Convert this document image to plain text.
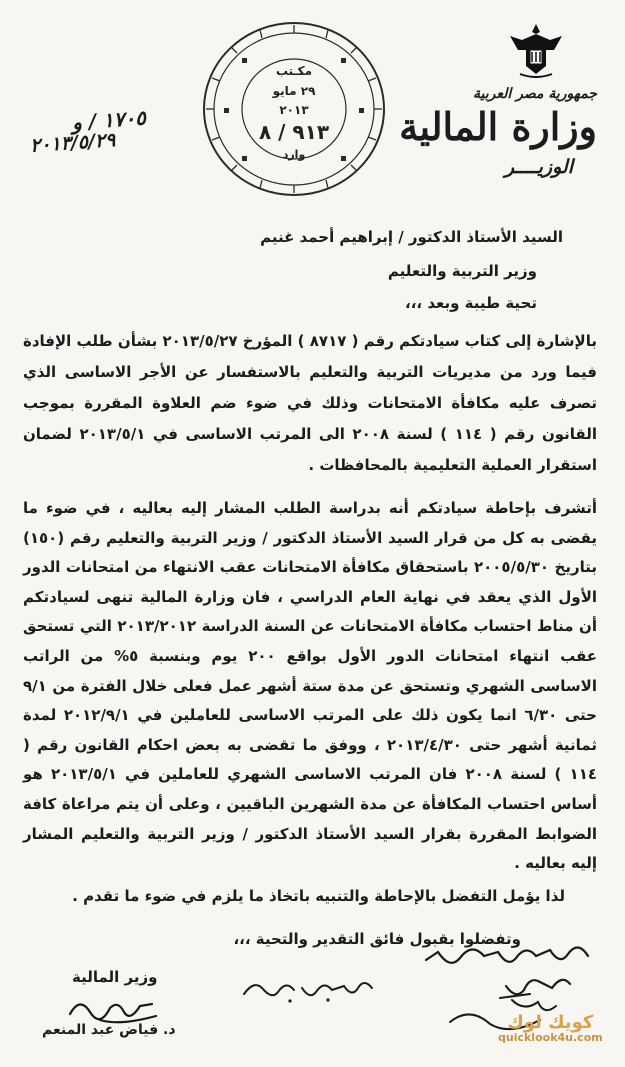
مكـتب
٢٩ مايو
٢٠١٣
٩١٣ / ٨
وارد
جمهورية مصر العربية
وزارة المالية
الوزيــــر
١٧٠٥ / و
٢٠١٣/٥/٢٩
السيد الأستاذ الدكتور / إبراهيم أحمد غنيم
وزير التربية والتعليم
تحية طيبة وبعد ،،،
بالإشارة إلى كتاب سيادتكم رقم ( ٨٧١٧ ) المؤرخ ٢٠١٣/٥/٢٧ بشأن طلب الإفادة فيما ورد من مديريات التربية والتعليم بالاستفسار عن الأجر الاساسى الذي تصرف عليه مكافأة الامتحانات وذلك في ضوء ضم العلاوة المقررة بموجب القانون رقم ( ١١٤ ) لسنة ٢٠٠٨ الى المرتب الاساسى في ٢٠١٣/٥/١ لضمان استقرار العملية التعليمية بالمحافظات .
أتشرف بإحاطة سيادتكم أنه بدراسة الطلب المشار إليه بعاليه ، في ضوء ما يقضى به كل من قرار السيد الأستاذ الدكتور / وزير التربية والتعليم رقم (١٥٠) بتاريخ ٢٠٠٥/٥/٣٠ باستحقاق مكافأة الامتحانات عقب الانتهاء من امتحانات الدور الأول الذي يعقد في نهاية العام الدراسي ، فان وزارة المالية تنهى لسيادتكم أن مناط احتساب مكافأة الامتحانات عن السنة الدراسة ٢٠١٣/٢٠١٢ التي تستحق عقب انتهاء امتحانات الدور الأول بواقع ٢٠٠ يوم وبنسبة ٥% من الراتب الاساسى الشهري وتستحق عن مدة ستة أشهر عمل فعلى خلال الفترة من ٩/١ حتى ٦/٣٠ انما يكون ذلك على المرتب الاساسى للعاملين في ٢٠١٢/٩/١ لمدة ثمانية أشهر حتى ٢٠١٣/٤/٣٠ ، ووفق ما تقضى به بعض احكام القانون رقم ( ١١٤ ) لسنة ٢٠٠٨ فان المرتب الاساسى الشهري للعاملين في ٢٠١٣/٥/١ هو أساس احتساب المكافأة عن مدة الشهرين الباقيين ، وعلى أن يتم مراعاة كافة الضوابط المقررة بقرار السيد الأستاذ الدكتور / وزير التربية والتعليم المشار إليه بعاليه .
لذا يؤمل التفضل بالإحاطة والتنبيه باتخاذ ما يلزم في ضوء ما تقدم .
وتفضلوا بقبول فائق التقدير والتحية ،،،
وزير المالية
د. فياض عبد المنعم	كويك لوك
quicklook4u.com
